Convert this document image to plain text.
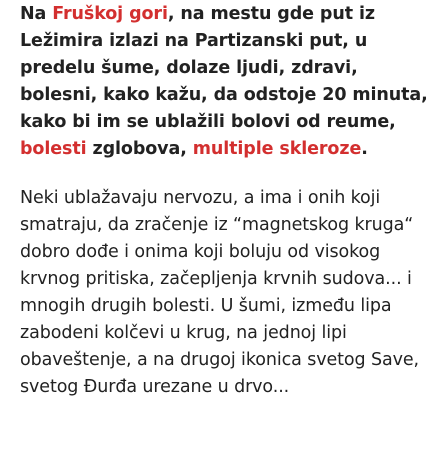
Na Fruškoj gori, na mestu gde put iz Ležimira izlazi na Partizanski put, u predelu šume, dolaze ljudi, zdravi, bolesni, kako kažu, da odstoje 20 minuta, kako bi im se ublažili bolovi od reume, bolesti zglobova, multiple skleroze.

Neki ublažavaju nervozu, a ima i onih koji smatraju, da zračenje iz “magnetskog kruga“ dobro dođe i onima koji boluju od visokog krvnog pritiska, začepljenja krvnih sudova... i mnogih drugih bolesti. U šumi, između lipa zabodeni kolčevi u krug, na jednoj lipi obaveštenje, a na drugoj ikonica svetog Save, svetog Đurđa urezane u drvo...
